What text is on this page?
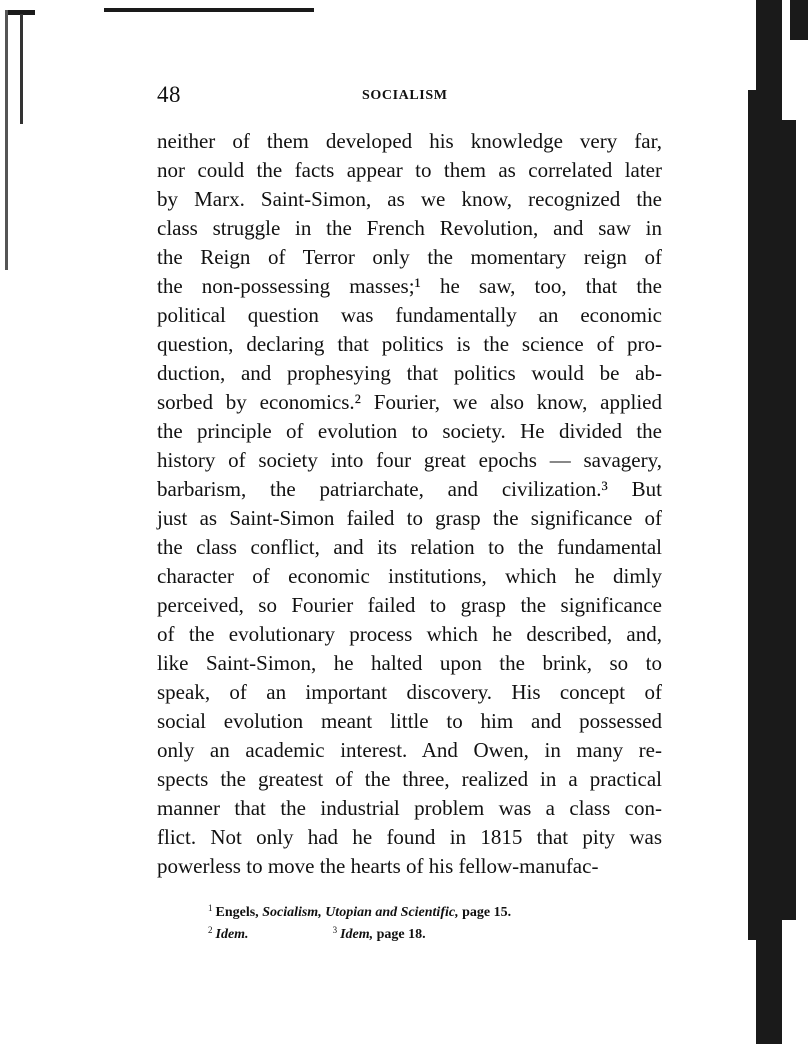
48	SOCIALISM
neither of them developed his knowledge very far,
nor could the facts appear to them as correlated later
by Marx. Saint-Simon, as we know, recognized the
class struggle in the French Revolution, and saw in
the Reign of Terror only the momentary reign of
the non-possessing masses;¹ he saw, too, that the
political question was fundamentally an economic
question, declaring that politics is the science of pro-
duction, and prophesying that politics would be ab-
sorbed by economics.² Fourier, we also know, applied
the principle of evolution to society. He divided the
history of society into four great epochs — savagery,
barbarism, the patriarchate, and civilization.³ But
just as Saint-Simon failed to grasp the significance of
the class conflict, and its relation to the fundamental
character of economic institutions, which he dimly
perceived, so Fourier failed to grasp the significance
of the evolutionary process which he described, and,
like Saint-Simon, he halted upon the brink, so to
speak, of an important discovery. His concept of
social evolution meant little to him and possessed
only an academic interest. And Owen, in many re-
spects the greatest of the three, realized in a practical
manner that the industrial problem was a class con-
flict. Not only had he found in 1815 that pity was
powerless to move the hearts of his fellow-manufac-
$^1$ Engels, Socialism, Utopian and Scientific, page 15.
$^2$ Idem.	$^3$ Idem, page 18.
